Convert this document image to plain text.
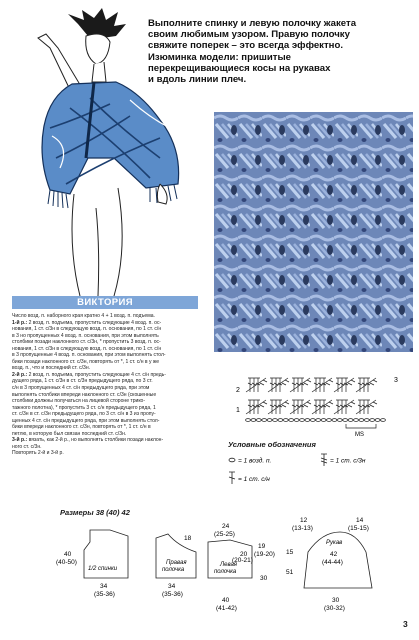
Выполните спинку и левую полочку жакета

своим любимым узором. Правую полочку

свяжите поперек – это всегда эффектно.

Изюминка модели: пришитые

перекрещивающиеся косы на рукавах

и вдоль линии плеч.

ВИКТОРИЯ

Число возд. п. наборного края кратно 4 + 1 возд. п. подъема.

1-й р.: 2 возд. п. подъема, пропустить следующие 4 возд. п. ос-

нования, 1 ст. с/3н в следующую возд. п. основания, по 1 ст. с/н

в 3 но пропущенных 4 возд. п. основания, при этом выполнять

столбики позади наклонного ст. с/3н, * пропустить 3 возд. п. ос-

нования, 1 ст. с/3н в следующую возд. п. основания, по 1 ст. с/н

в 3 пропущенные 4 возд. п. основания, при этом выполнять стол-

бики позади наклонного ст. с/3н, повторять от *, 1 ст. с/н в у же

возд. п., что и последний ст. с/3н.

2-й р.: 2 возд. п. подъема, пропустить следующие 4 ст. с/н предь-

дущего ряда, 1 ст. с/3н в ст. с/3н предыдущего ряда, по 3 ст.

с/н в 3 пропущенных 4 ст. с/н предыдущего ряда, при этом

выполнять столбики впереди наклонного ст. с/3н (скошенные

столбики должны получаться на лицевой стороне трикo-

тажного полотна), * пропустить 3 ст. с/н предыдущего ряда, 1

ст. с/3н в ст. с/3н предыдущего ряда, по 3 ст. с/н в 3 из пропу-

щенных 4 ст. с/н предыдущего ряда, при этом выполнять стол-

бики впереди наклонного ст. с/3н, повторять от *, 1 ст. с/н в

петлю, в которую был связан последний ст. с/3н.

3-й р.: вязать, как 2-й р., но выполнять столбики позади наклон-

ного ст. с/3н.

Повторять 2-й и 3-й р.

2
1
3
MS
Условные обозначения
= 1 возд. п.	= 1 ст. с/3н
= 1 ст. с/н
Размеры 38 (40) 42
1/2 спинки
40
(40-50)
34
(35-36)
18
Правая
полочка
34
(35-36)
24
(25-25)
19
(19-20)
30
Левая
полочка
20
(20-21)
40
(41-42)
12
(13-13)
14
(15-15)
Рукав
15
51
42
(44-44)
30
(30-32)
3
